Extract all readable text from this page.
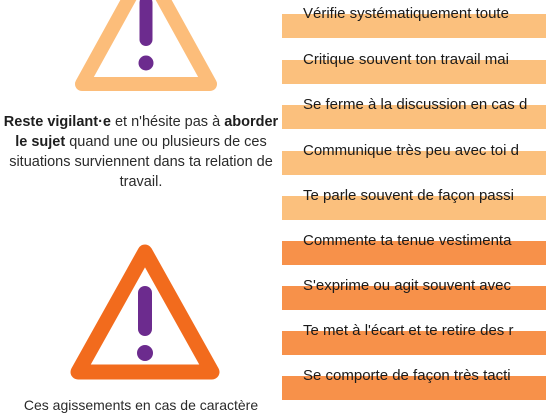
Reste vigilant·e et n'hésite pas à aborder le sujet quand une ou plusieurs de ces situations surviennent dans ta relation de travail.

Ces agissements en cas de caractère

Vérifie systématiquement toute
Critique souvent ton travail mai
Se ferme à la discussion en cas d
Communique très peu avec toi d
Te parle souvent de façon passi
Commente ta tenue vestimenta
S'exprime ou agit souvent avec
Te met à l'écart et te retire des r
Se comporte de façon très tacti
